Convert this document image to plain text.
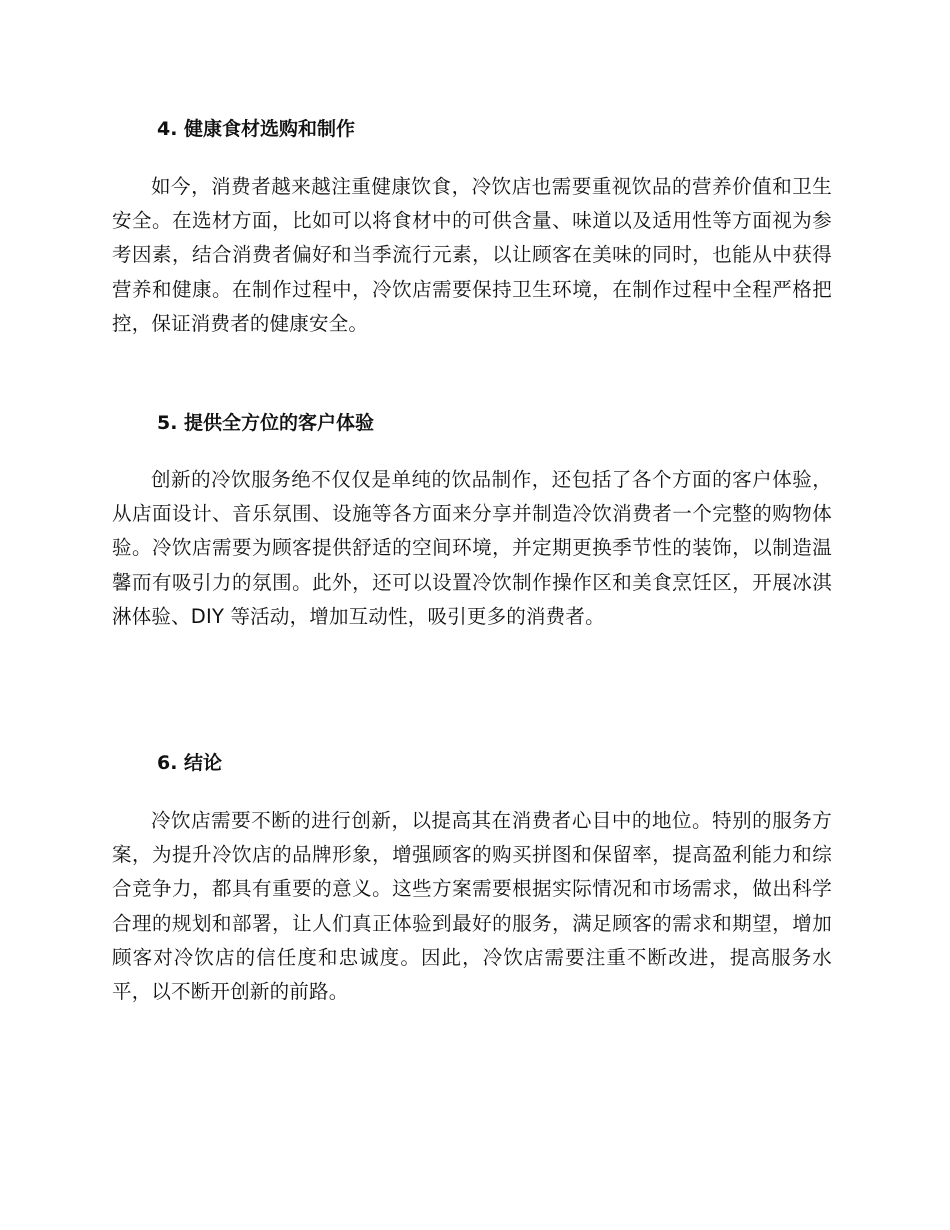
4. 健康食材选购和制作

如今，消费者越来越注重健康饮食，冷饮店也需要重视饮品的营养价值和卫生安全。在选材方面，比如可以将食材中的可供含量、味道以及适用性等方面视为参考因素，结合消费者偏好和当季流行元素，以让顾客在美味的同时，也能从中获得营养和健康。在制作过程中，冷饮店需要保持卫生环境，在制作过程中全程严格把控，保证消费者的健康安全。

5. 提供全方位的客户体验

创新的冷饮服务绝不仅仅是单纯的饮品制作，还包括了各个方面的客户体验，从店面设计、音乐氛围、设施等各方面来分享并制造冷饮消费者一个完整的购物体验。冷饮店需要为顾客提供舒适的空间环境，并定期更换季节性的装饰，以制造温馨而有吸引力的氛围。此外，还可以设置冷饮制作操作区和美食烹饪区，开展冰淇淋体验、DIY 等活动，增加互动性，吸引更多的消费者。

6. 结论

冷饮店需要不断的进行创新，以提高其在消费者心目中的地位。特别的服务方案，为提升冷饮店的品牌形象，增强顾客的购买拼图和保留率，提高盈利能力和综合竞争力，都具有重要的意义。这些方案需要根据实际情况和市场需求，做出科学合理的规划和部署，让人们真正体验到最好的服务，满足顾客的需求和期望，增加顾客对冷饮店的信任度和忠诚度。因此，冷饮店需要注重不断改进，提高服务水平，以不断开创新的前路。
